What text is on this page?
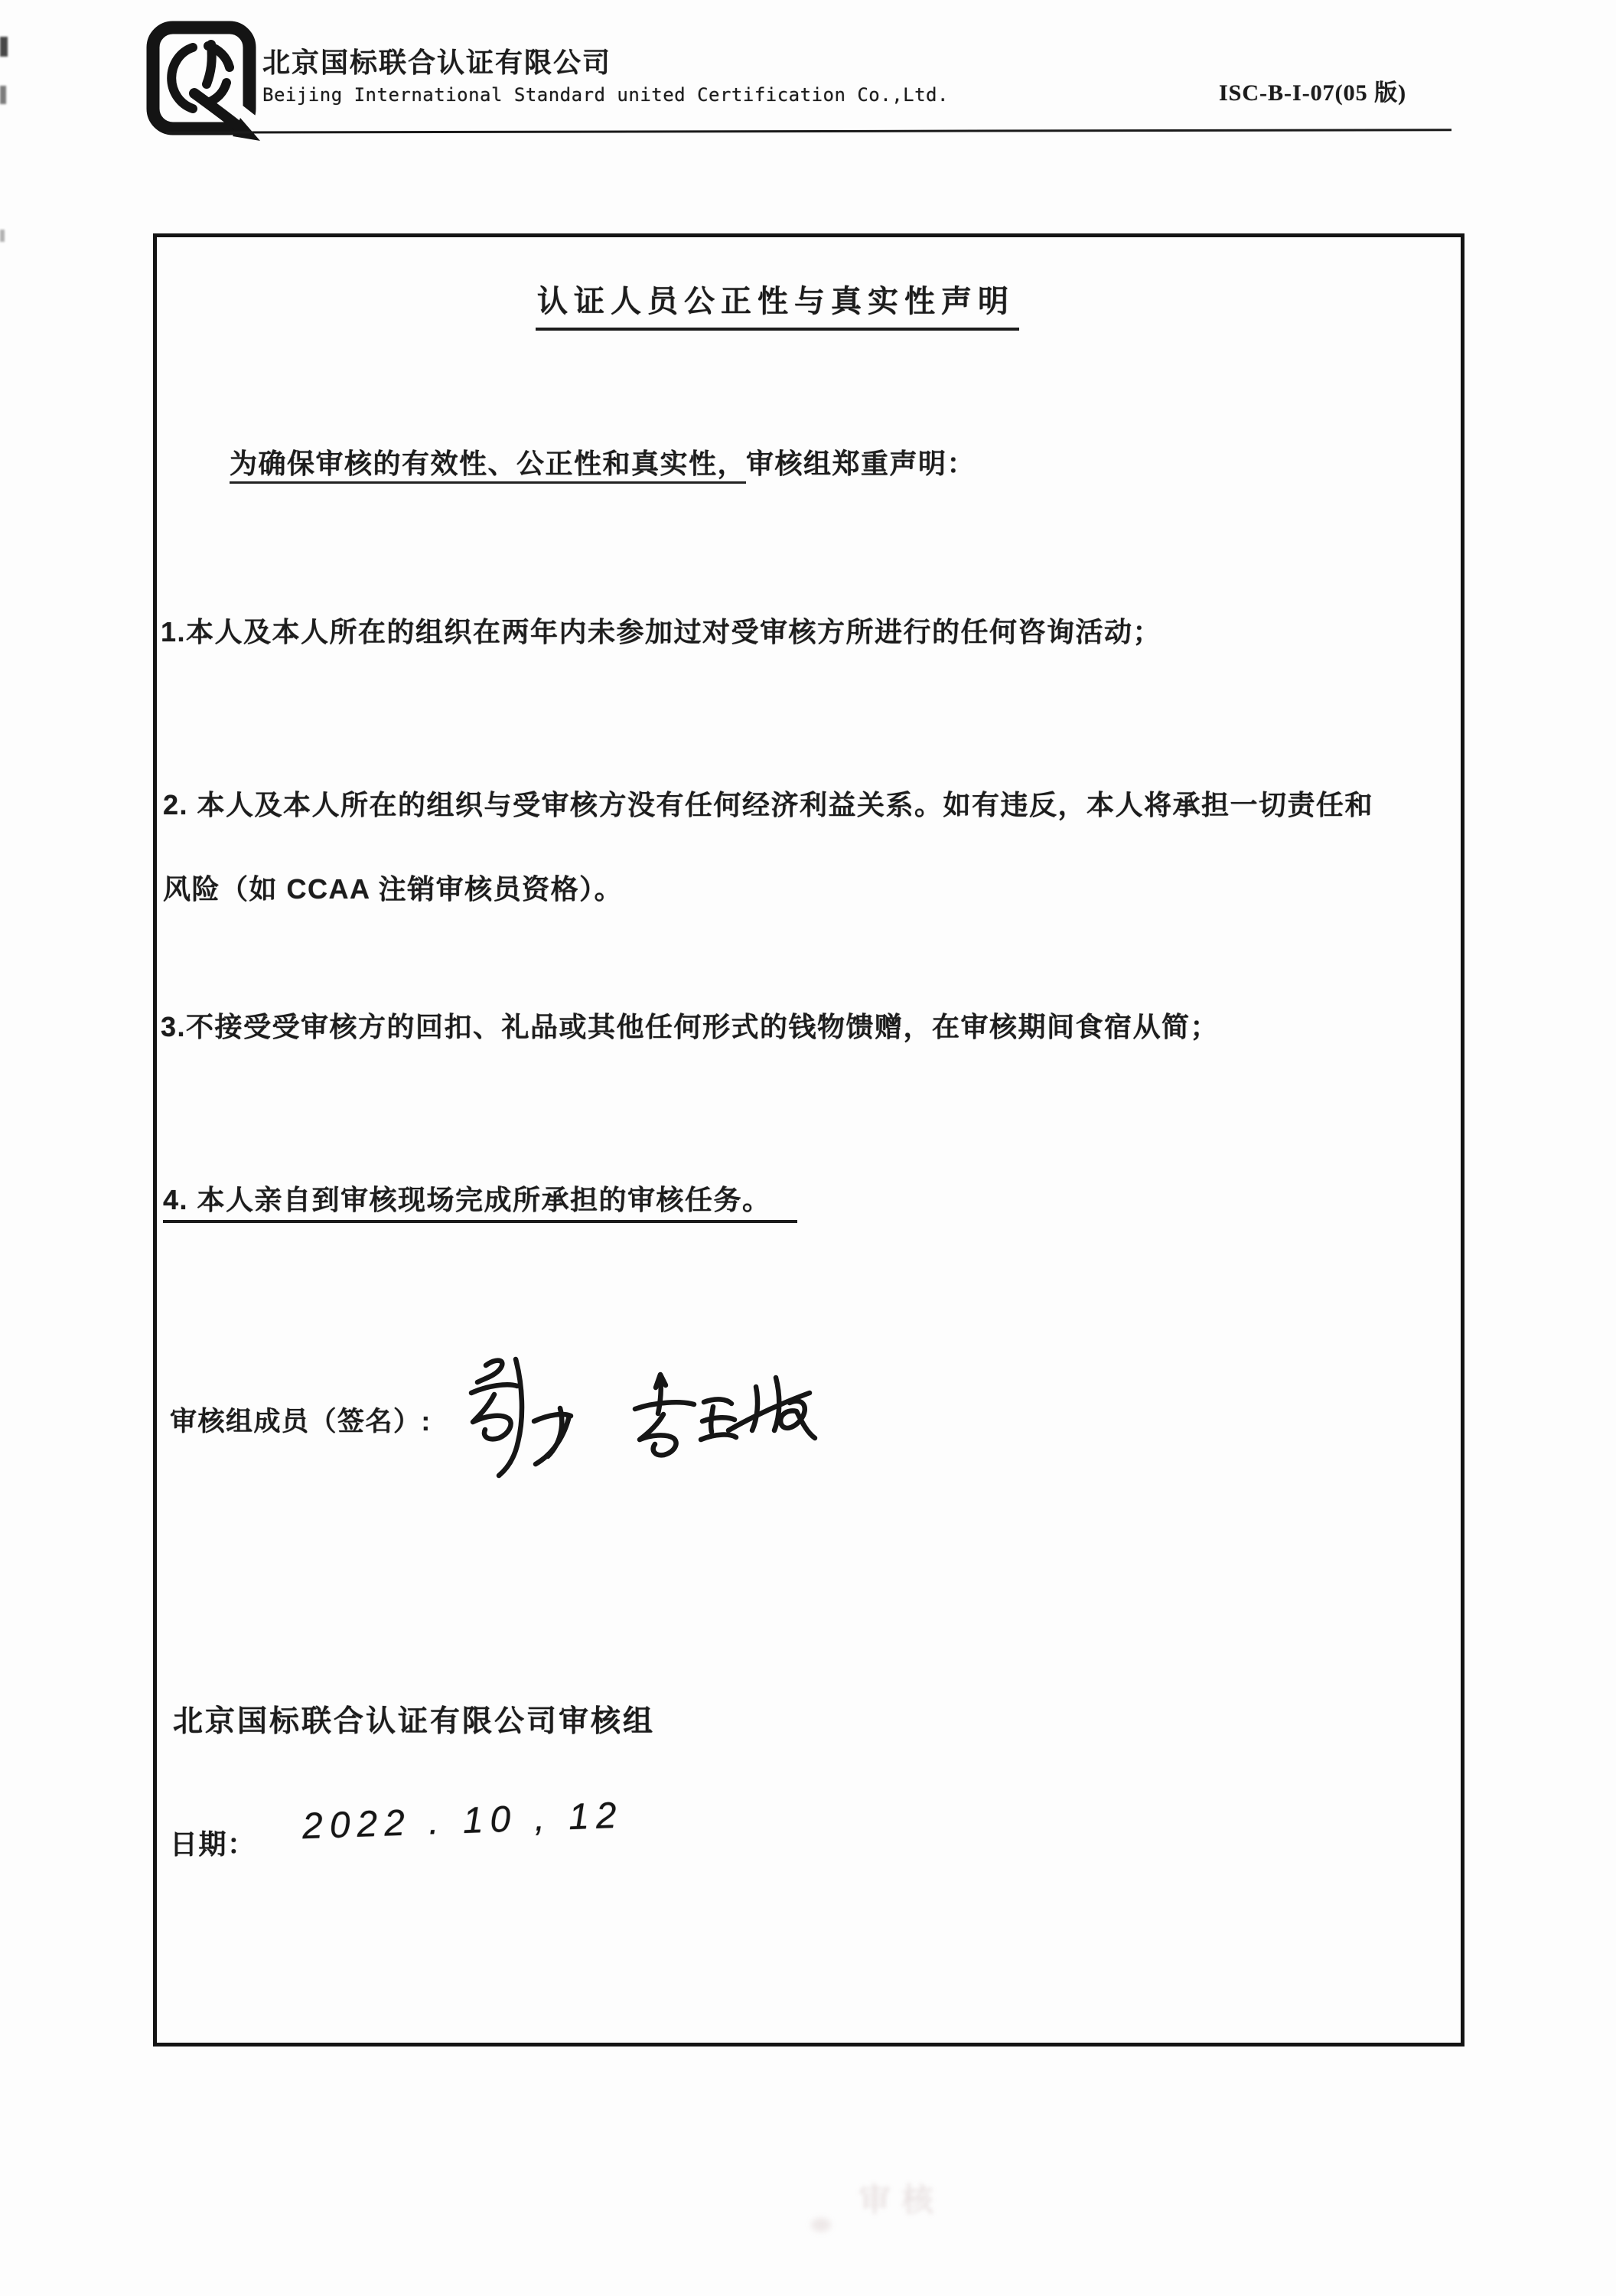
北京国标联合认证有限公司
Beijing International Standard united Certification Co.,Ltd.	ISC-B-I-07(05 版)
认证人员公正性与真实性声明
为确保审核的有效性、公正性和真实性，审核组郑重声明：
1.本人及本人所在的组织在两年内未参加过对受审核方所进行的任何咨询活动；
2. 本人及本人所在的组织与受审核方没有任何经济利益关系。如有违反，本人将承担一切责任和
风险（如 CCAA 注销审核员资格）。
3.不接受受审核方的回扣、礼品或其他任何形式的钱物馈赠，在审核期间食宿从简；
4. 本人亲自到审核现场完成所承担的审核任务。
审核组成员（签名）:
北京国标联合认证有限公司审核组
日期： 2022 . 10 , 12
审核
